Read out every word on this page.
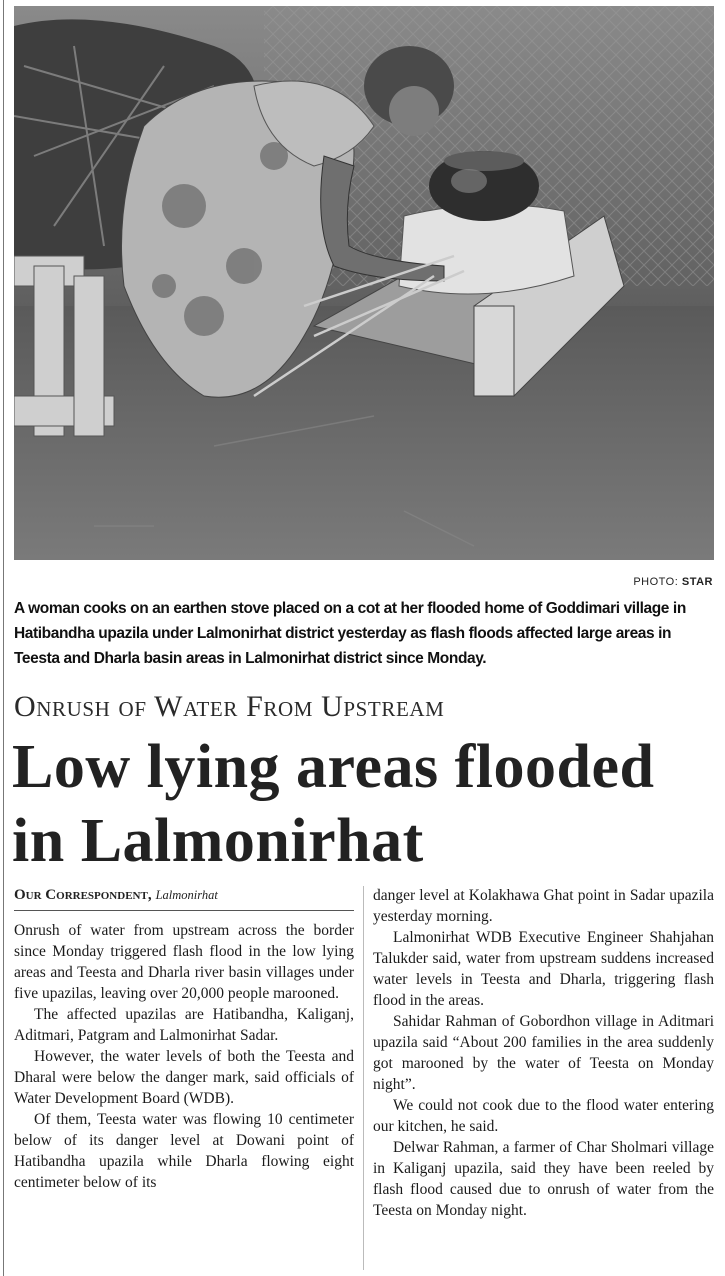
PHOTO: STAR
A woman cooks on an earthen stove placed on a cot at her flooded home of Goddimari village in Hatibandha upazila under Lalmonirhat district yesterday as flash floods affected large areas in Teesta and Dharla basin areas in Lalmonirhat district since Monday.
Onrush of Water From Upstream
Low lying areas flooded
in Lalmonirhat
Our Correspondent, Lalmonirhat

Onrush of water from upstream across the border since Monday triggered flash flood in the low lying areas and Teesta and Dharla river basin villages under five upazilas, leaving over 20,000 people marooned.

The affected upazilas are Hatibandha, Kaliganj, Aditmari, Patgram and Lalmonirhat Sadar.

However, the water levels of both the Teesta and Dharal were below the danger mark, said officials of Water Development Board (WDB).

Of them, Teesta water was flowing 10 centimeter below of its danger level at Dowani point of Hatibandha upazila while Dharla flowing eight centimeter below of its

danger level at Kolakhawa Ghat point in Sadar upazila yesterday morning.

Lalmonirhat WDB Executive Engineer Shahjahan Talukder said, water from upstream suddens increased water levels in Teesta and Dharla, triggering flash flood in the areas.

Sahidar Rahman of Gobordhon village in Aditmari upazila said “About 200 families in the area suddenly got marooned by the water of Teesta on Monday night”.

We could not cook due to the flood water entering our kitchen, he said.

Delwar Rahman, a farmer of Char Sholmari village in Kaliganj upazila, said they have been reeled by flash flood caused due to onrush of water from the Teesta on Monday night.
